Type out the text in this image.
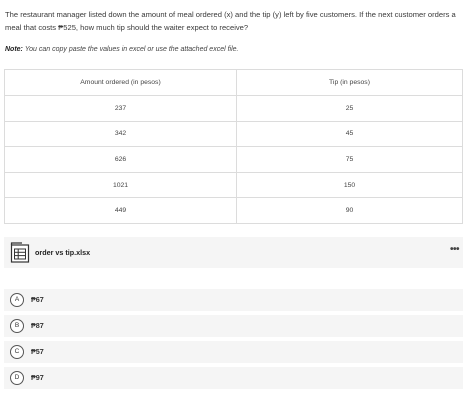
The restaurant manager listed down the amount of meal ordered (x) and the tip (y) left by five customers. If the next customer orders a meal that costs ₱525, how much tip should the waiter expect to receive?

Note: You can copy paste the values in excel or use the attached excel file.

Amount ordered (in pesos)	Tip (in pesos)
237	25
342	45
626	75
1021	150
449	90
order vs tip.xlsx	•••
A	₱67
B	₱87
C	₱57
D	₱97
